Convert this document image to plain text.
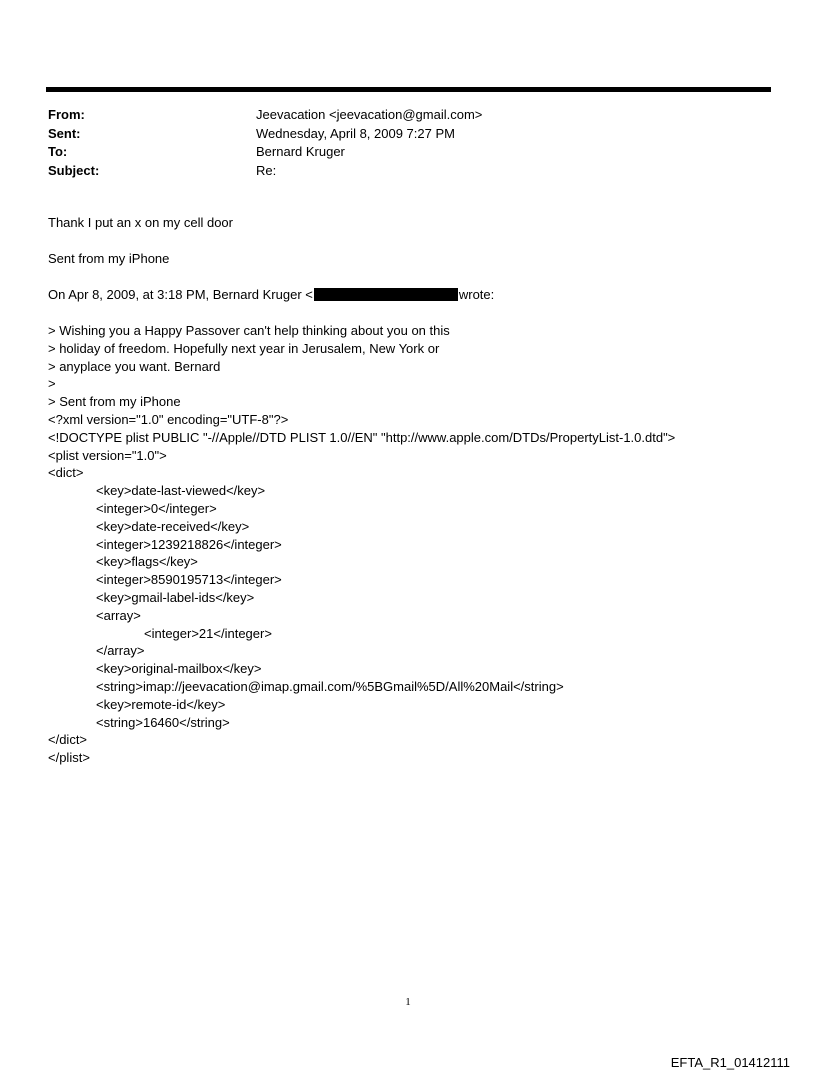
From:	Jeevacation <jeevacation@gmail.com>
Sent:	Wednesday, April 8, 2009 7:27 PM
To:	Bernard Kruger
Subject:	Re:

Thank I put an x on my cell door

Sent from my iPhone

On Apr 8, 2009, at 3:18 PM, Bernard Kruger <	wrote:

> Wishing you a Happy Passover can't help thinking about you on this

> holiday of freedom. Hopefully next year in Jerusalem, New York or

> anyplace you want. Bernard

>

> Sent from my iPhone

<?xml version="1.0" encoding="UTF-8"?>

<!DOCTYPE plist PUBLIC "-//Apple//DTD PLIST 1.0//EN" "http://www.apple.com/DTDs/PropertyList-1.0.dtd">

<plist version="1.0">

<dict>

<key>date-last-viewed</key>

<integer>0</integer>

<key>date-received</key>

<integer>1239218826</integer>

<key>flags</key>

<integer>8590195713</integer>

<key>gmail-label-ids</key>

<array>

<integer>21</integer>

</array>

<key>original-mailbox</key>

<string>imap://jeevacation@imap.gmail.com/%5BGmail%5D/All%20Mail</string>

<key>remote-id</key>

<string>16460</string>

</dict>

</plist>

1
EFTA_R1_01412111
